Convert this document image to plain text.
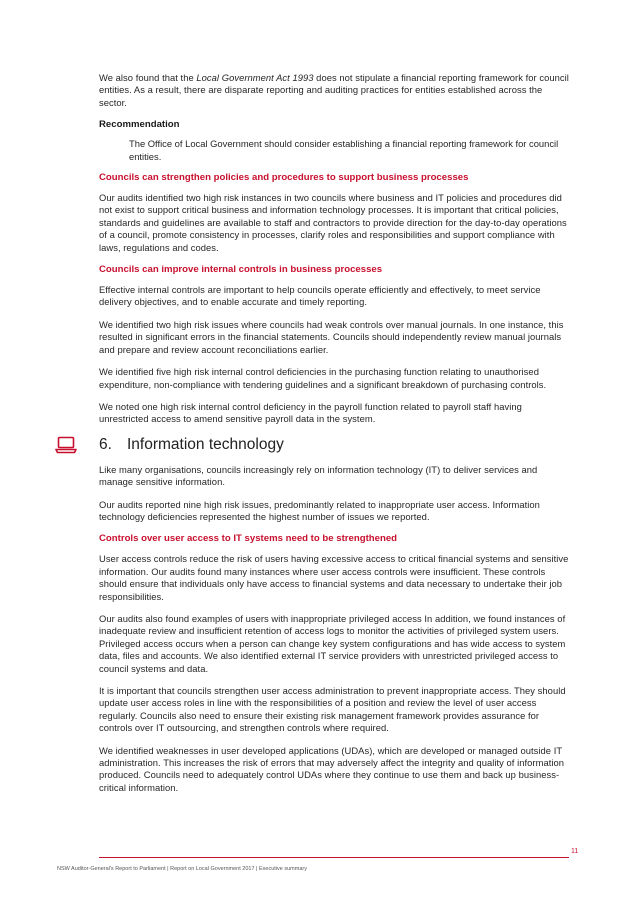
We also found that the Local Government Act 1993 does not stipulate a financial reporting framework for council entities. As a result, there are disparate reporting and auditing practices for entities established across the sector.

Recommendation

The Office of Local Government should consider establishing a financial reporting framework for council entities.

Councils can strengthen policies and procedures to support business processes

Our audits identified two high risk instances in two councils where business and IT policies and procedures did not exist to support critical business and information technology processes. It is important that critical policies, standards and guidelines are available to staff and contractors to provide direction for the day-to-day operations of a council, promote consistency in processes, clarify roles and responsibilities and support compliance with laws, regulations and codes.

Councils can improve internal controls in business processes

Effective internal controls are important to help councils operate efficiently and effectively, to meet service delivery objectives, and to enable accurate and timely reporting.

We identified two high risk issues where councils had weak controls over manual journals. In one instance, this resulted in significant errors in the financial statements. Councils should independently review manual journals and prepare and review account reconciliations earlier.

We identified five high risk internal control deficiencies in the purchasing function relating to unauthorised expenditure, non-compliance with tendering guidelines and a significant breakdown of purchasing controls.

We noted one high risk internal control deficiency in the payroll function related to payroll staff having unrestricted access to amend sensitive payroll data in the system.

6. Information technology

Like many organisations, councils increasingly rely on information technology (IT) to deliver services and manage sensitive information.

Our audits reported nine high risk issues, predominantly related to inappropriate user access. Information technology deficiencies represented the highest number of issues we reported.

Controls over user access to IT systems need to be strengthened

User access controls reduce the risk of users having excessive access to critical financial systems and sensitive information. Our audits found many instances where user access controls were insufficient. These controls should ensure that individuals only have access to financial systems and data necessary to undertake their job responsibilities.

Our audits also found examples of users with inappropriate privileged access In addition, we found instances of inadequate review and insufficient retention of access logs to monitor the activities of privileged system users. Privileged access occurs when a person can change key system configurations and has wide access to system data, files and accounts. We also identified external IT service providers with unrestricted privileged access to council systems and data.

It is important that councils strengthen user access administration to prevent inappropriate access. They should update user access roles in line with the responsibilities of a position and review the level of user access regularly. Councils also need to ensure their existing risk management framework provides assurance for controls over IT outsourcing, and strengthen controls where required.

We identified weaknesses in user developed applications (UDAs), which are developed or managed outside IT administration. This increases the risk of errors that may adversely affect the integrity and quality of information produced. Councils need to adequately control UDAs where they continue to use them and back up business-critical information.

11
NSW Auditor-General's Report to Parliament | Report on Local Government 2017 | Executive summary
